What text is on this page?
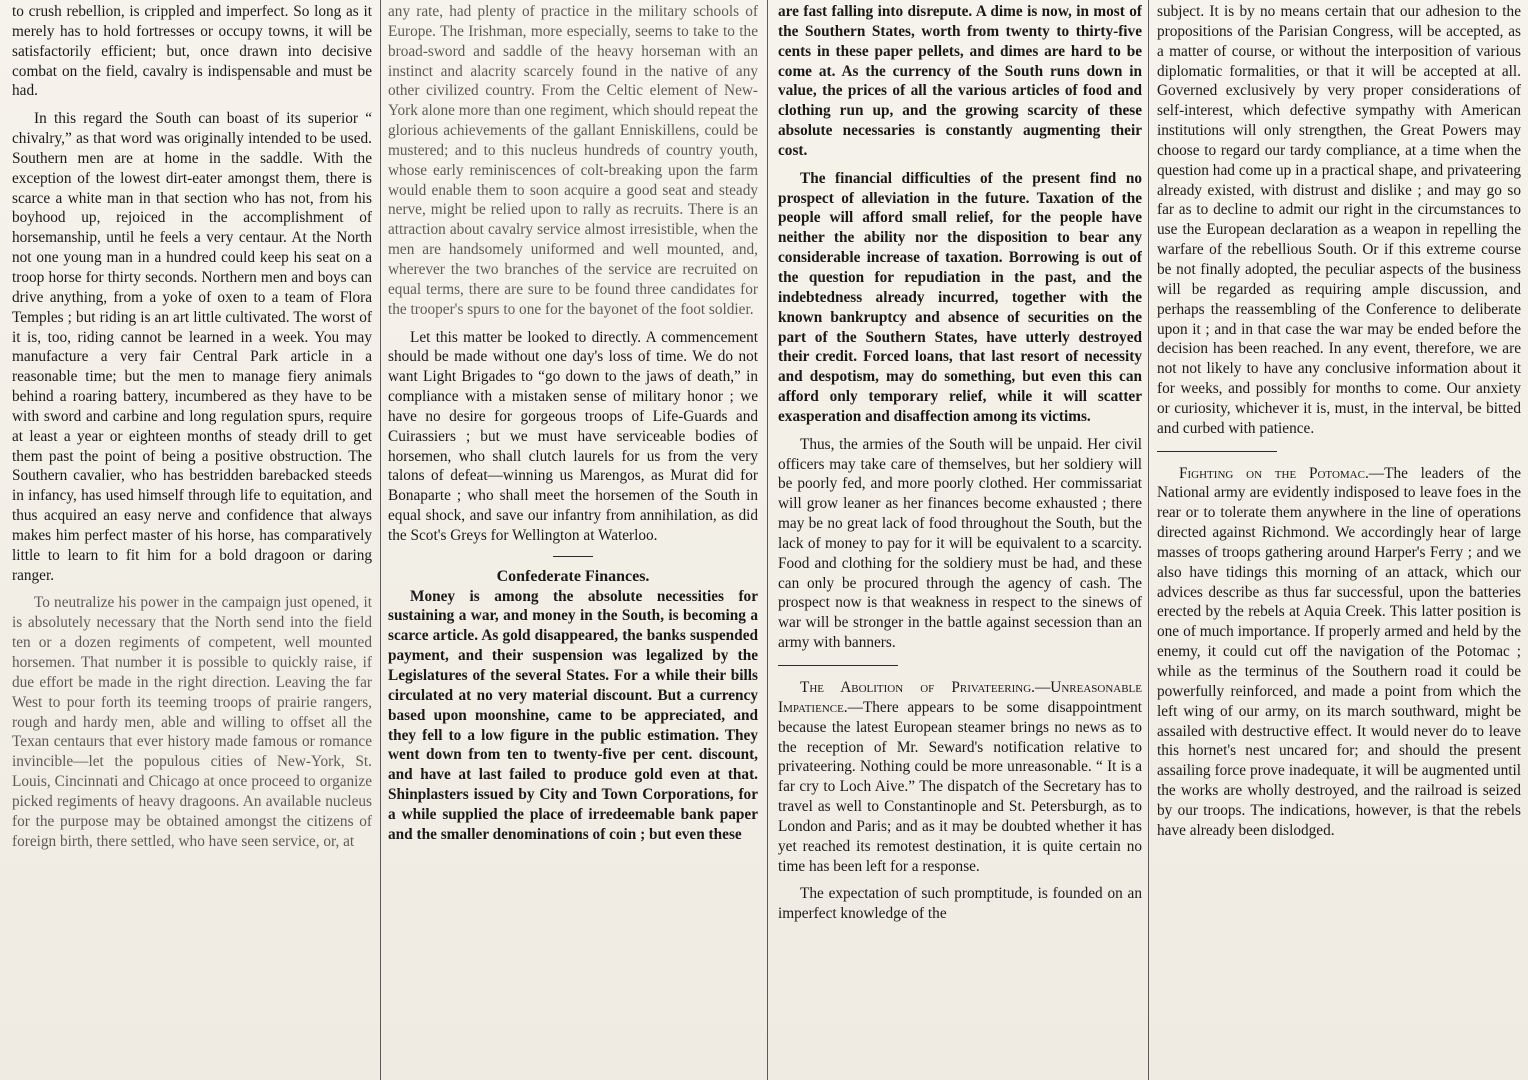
to crush rebellion, is crippled and imperfect. So long as it merely has to hold fortresses or occupy towns, it will be satisfactorily efficient; but, once drawn into decisive combat on the field, cavalry is indispensable and must be had.

In this regard the South can boast of its superior “ chivalry,” as that word was originally intended to be used. Southern men are at home in the saddle. With the exception of the lowest dirt-eater amongst them, there is scarce a white man in that section who has not, from his boyhood up, rejoiced in the accomplishment of horsemanship, until he feels a very centaur. At the North not one young man in a hundred could keep his seat on a troop horse for thirty seconds. Northern men and boys can drive anything, from a yoke of oxen to a team of Flora Temples ; but riding is an art little cultivated. The worst of it is, too, riding cannot be learned in a week. You may manufacture a very fair Central Park article in a reasonable time; but the men to manage fiery animals behind a roaring battery, incumbered as they have to be with sword and carbine and long regulation spurs, require at least a year or eighteen months of steady drill to get them past the point of being a positive obstruction. The Southern cavalier, who has bestridden barebacked steeds in infancy, has used himself through life to equitation, and thus acquired an easy nerve and confidence that always makes him perfect master of his horse, has comparatively little to learn to fit him for a bold dragoon or daring ranger.

To neutralize his power in the campaign just opened, it is absolutely necessary that the North send into the field ten or a dozen regiments of competent, well mounted horsemen. That number it is possible to quickly raise, if due effort be made in the right direction. Leaving the far West to pour forth its teeming troops of prairie rangers, rough and hardy men, able and willing to offset all the Texan centaurs that ever history made famous or romance invincible—let the populous cities of New-York, St. Louis, Cincinnati and Chicago at once proceed to organize picked regiments of heavy dragoons. An available nucleus for the purpose may be obtained amongst the citizens of foreign birth, there settled, who have seen service, or, at

any rate, had plenty of practice in the military schools of Europe. The Irishman, more especially, seems to take to the broad-sword and saddle of the heavy horseman with an instinct and alacrity scarcely found in the native of any other civilized country. From the Celtic element of New-York alone more than one regiment, which should repeat the glorious achievements of the gallant Enniskillens, could be mustered; and to this nucleus hundreds of country youth, whose early reminiscences of colt-breaking upon the farm would enable them to soon acquire a good seat and steady nerve, might be relied upon to rally as recruits. There is an attraction about cavalry service almost irresistible, when the men are handsomely uniformed and well mounted, and, wherever the two branches of the service are recruited on equal terms, there are sure to be found three candidates for the trooper's spurs to one for the bayonet of the foot soldier.

Let this matter be looked to directly. A commencement should be made without one day's loss of time. We do not want Light Brigades to “go down to the jaws of death,” in compliance with a mistaken sense of military honor ; we have no desire for gorgeous troops of Life-Guards and Cuirassiers ; but we must have serviceable bodies of horsemen, who shall clutch laurels for us from the very talons of defeat—winning us Marengos, as Murat did for Bonaparte ; who shall meet the horsemen of the South in equal shock, and save our infantry from annihilation, as did the Scot's Greys for Wellington at Waterloo.

Confederate Finances.

Money is among the absolute necessities for sustaining a war, and money in the South, is becoming a scarce article. As gold disappeared, the banks suspended payment, and their suspension was legalized by the Legislatures of the several States. For a while their bills circulated at no very material discount. But a currency based upon moonshine, came to be appreciated, and they fell to a low figure in the public estimation. They went down from ten to twenty-five per cent. discount, and have at last failed to produce gold even at that. Shinplasters issued by City and Town Corporations, for a while supplied the place of irredeemable bank paper and the smaller denominations of coin ; but even these

are fast falling into disrepute. A dime is now, in most of the Southern States, worth from twenty to thirty-five cents in these paper pellets, and dimes are hard to be come at. As the currency of the South runs down in value, the prices of all the various articles of food and clothing run up, and the growing scarcity of these absolute necessaries is constantly augmenting their cost.

The financial difficulties of the present find no prospect of alleviation in the future. Taxation of the people will afford small relief, for the people have neither the ability nor the disposition to bear any considerable increase of taxation. Borrowing is out of the question for repudiation in the past, and the indebtedness already incurred, together with the known bankruptcy and absence of securities on the part of the Southern States, have utterly destroyed their credit. Forced loans, that last resort of necessity and despotism, may do something, but even this can afford only temporary relief, while it will scatter exasperation and disaffection among its victims.

Thus, the armies of the South will be unpaid. Her civil officers may take care of themselves, but her soldiery will be poorly fed, and more poorly clothed. Her commissariat will grow leaner as her finances become exhausted ; there may be no great lack of food throughout the South, but the lack of money to pay for it will be equivalent to a scarcity. Food and clothing for the soldiery must be had, and these can only be procured through the agency of cash. The prospect now is that weakness in respect to the sinews of war will be stronger in the battle against secession than an army with banners.

The Abolition of Privateering.—Unreasonable Impatience.—There appears to be some disappointment because the latest European steamer brings no news as to the reception of Mr. Seward's notification relative to privateering. Nothing could be more unreasonable. “ It is a far cry to Loch Aive.” The dispatch of the Secretary has to travel as well to Constantinople and St. Petersburgh, as to London and Paris; and as it may be doubted whether it has yet reached its remotest destination, it is quite certain no time has been left for a response.

The expectation of such promptitude, is founded on an imperfect knowledge of the

subject. It is by no means certain that our adhesion to the propositions of the Parisian Congress, will be accepted, as a matter of course, or without the interposition of various diplomatic formalities, or that it will be accepted at all. Governed exclusively by very proper considerations of self-interest, which defective sympathy with American institutions will only strengthen, the Great Powers may choose to regard our tardy compliance, at a time when the question had come up in a practical shape, and privateering already existed, with distrust and dislike ; and may go so far as to decline to admit our right in the circumstances to use the European declaration as a weapon in repelling the warfare of the rebellious South. Or if this extreme course be not finally adopted, the peculiar aspects of the business will be regarded as requiring ample discussion, and perhaps the reassembling of the Conference to deliberate upon it ; and in that case the war may be ended before the decision has been reached. In any event, therefore, we are not not likely to have any conclusive information about it for weeks, and possibly for months to come. Our anxiety or curiosity, whichever it is, must, in the interval, be bitted and curbed with patience.

Fighting on the Potomac.—The leaders of the National army are evidently indisposed to leave foes in the rear or to tolerate them anywhere in the line of operations directed against Richmond. We accordingly hear of large masses of troops gathering around Harper's Ferry ; and we also have tidings this morning of an attack, which our advices describe as thus far successful, upon the batteries erected by the rebels at Aquia Creek. This latter position is one of much importance. If properly armed and held by the enemy, it could cut off the navigation of the Potomac ; while as the terminus of the Southern road it could be powerfully reinforced, and made a point from which the left wing of our army, on its march southward, might be assailed with destructive effect. It would never do to leave this hornet's nest uncared for; and should the present assailing force prove inadequate, it will be augmented until the works are wholly destroyed, and the railroad is seized by our troops. The indications, however, is that the rebels have already been dislodged.
